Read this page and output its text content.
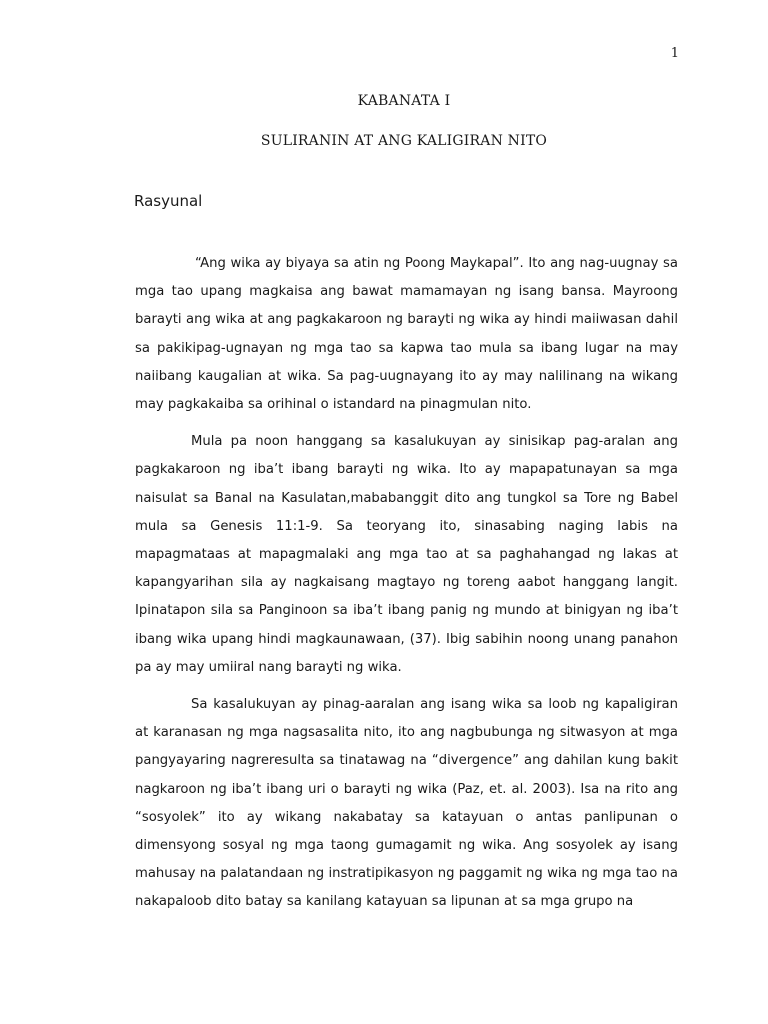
1
KABANATA I
SULIRANIN AT ANG KALIGIRAN NITO
Rasyunal

“Ang wika ay biyaya sa atin ng Poong Maykapal”. Ito ang nag-uugnay sa mga tao upang magkaisa ang bawat mamamayan ng isang bansa. Mayroong barayti ang wika at ang pagkakaroon ng barayti ng wika ay hindi maiiwasan dahil sa pakikipag-ugnayan ng mga tao sa kapwa tao mula sa ibang lugar na may naiibang kaugalian at wika. Sa pag-uugnayang ito ay may nalilinang na wikang may pagkakaiba sa orihinal o istandard na pinagmulan nito.

Mula pa noon hanggang sa kasalukuyan ay sinisikap pag-aralan ang pagkakaroon ng iba’t ibang barayti ng wika. Ito ay mapapatunayan sa mga naisulat sa Banal na Kasulatan,mababanggit dito ang tungkol sa Tore ng Babel mula sa Genesis 11:1-9. Sa teoryang ito, sinasabing naging labis na mapagmataas at mapagmalaki ang mga tao at sa paghahangad ng lakas at kapangyarihan sila ay nagkaisang magtayo ng toreng aabot hanggang langit. Ipinatapon sila sa Panginoon sa iba’t ibang panig ng mundo at binigyan ng iba’t ibang wika upang hindi magkaunawaan, (37). Ibig sabihin noong unang panahon pa ay may umiiral nang barayti ng wika.

Sa kasalukuyan ay pinag-aaralan ang isang wika sa loob ng kapaligiran at karanasan ng mga nagsasalita nito, ito ang nagbubunga ng sitwasyon at mga pangyayaring nagreresulta sa tinatawag na “divergence” ang dahilan kung bakit nagkaroon ng iba’t ibang uri o barayti ng wika (Paz, et. al. 2003). Isa na rito ang “sosyolek” ito ay wikang nakabatay sa katayuan o antas panlipunan o dimensyong sosyal ng mga taong gumagamit ng wika. Ang sosyolek ay isang mahusay na palatandaan ng instratipikasyon ng paggamit ng wika ng mga tao na nakapaloob dito batay sa kanilang katayuan sa lipunan at sa mga grupo na
